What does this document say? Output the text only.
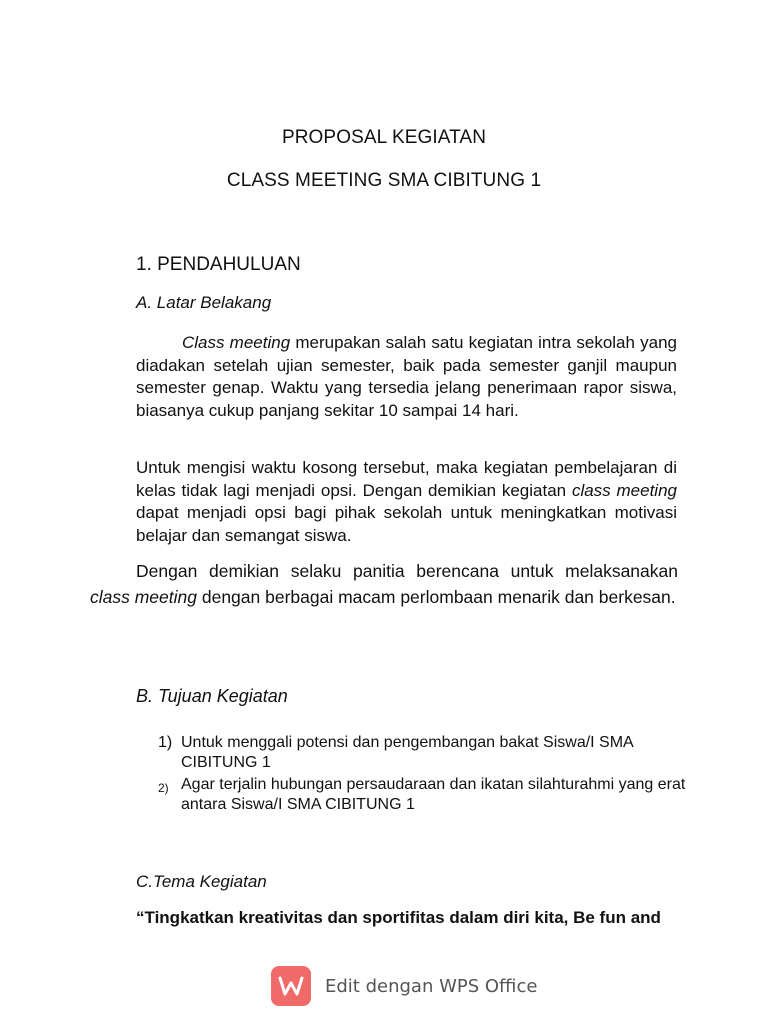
PROPOSAL KEGIATAN
CLASS MEETING SMA CIBITUNG 1
1. PENDAHULUAN
A. Latar Belakang
Class meeting merupakan salah satu kegiatan intra sekolah yang diadakan setelah ujian semester, baik pada semester ganjil maupun semester genap. Waktu yang tersedia jelang penerimaan rapor siswa, biasanya cukup panjang sekitar 10 sampai 14 hari.
Untuk mengisi waktu kosong tersebut, maka kegiatan pembelajaran di kelas tidak lagi menjadi opsi. Dengan demikian kegiatan class meeting dapat menjadi opsi bagi pihak sekolah untuk meningkatkan motivasi belajar dan semangat siswa.
Dengan demikian selaku panitia berencana untuk melaksanakan class meeting dengan berbagai macam perlombaan menarik dan berkesan.
B. Tujuan Kegiatan
1) Untuk menggali potensi dan pengembangan bakat Siswa/I SMA CIBITUNG 1
2) Agar terjalin hubungan persaudaraan dan ikatan silahturahmi yang erat antara Siswa/I SMA CIBITUNG 1
C.Tema Kegiatan
“Tingkatkan kreativitas dan sportifitas dalam diri kita, Be fun and
Edit dengan WPS Office
